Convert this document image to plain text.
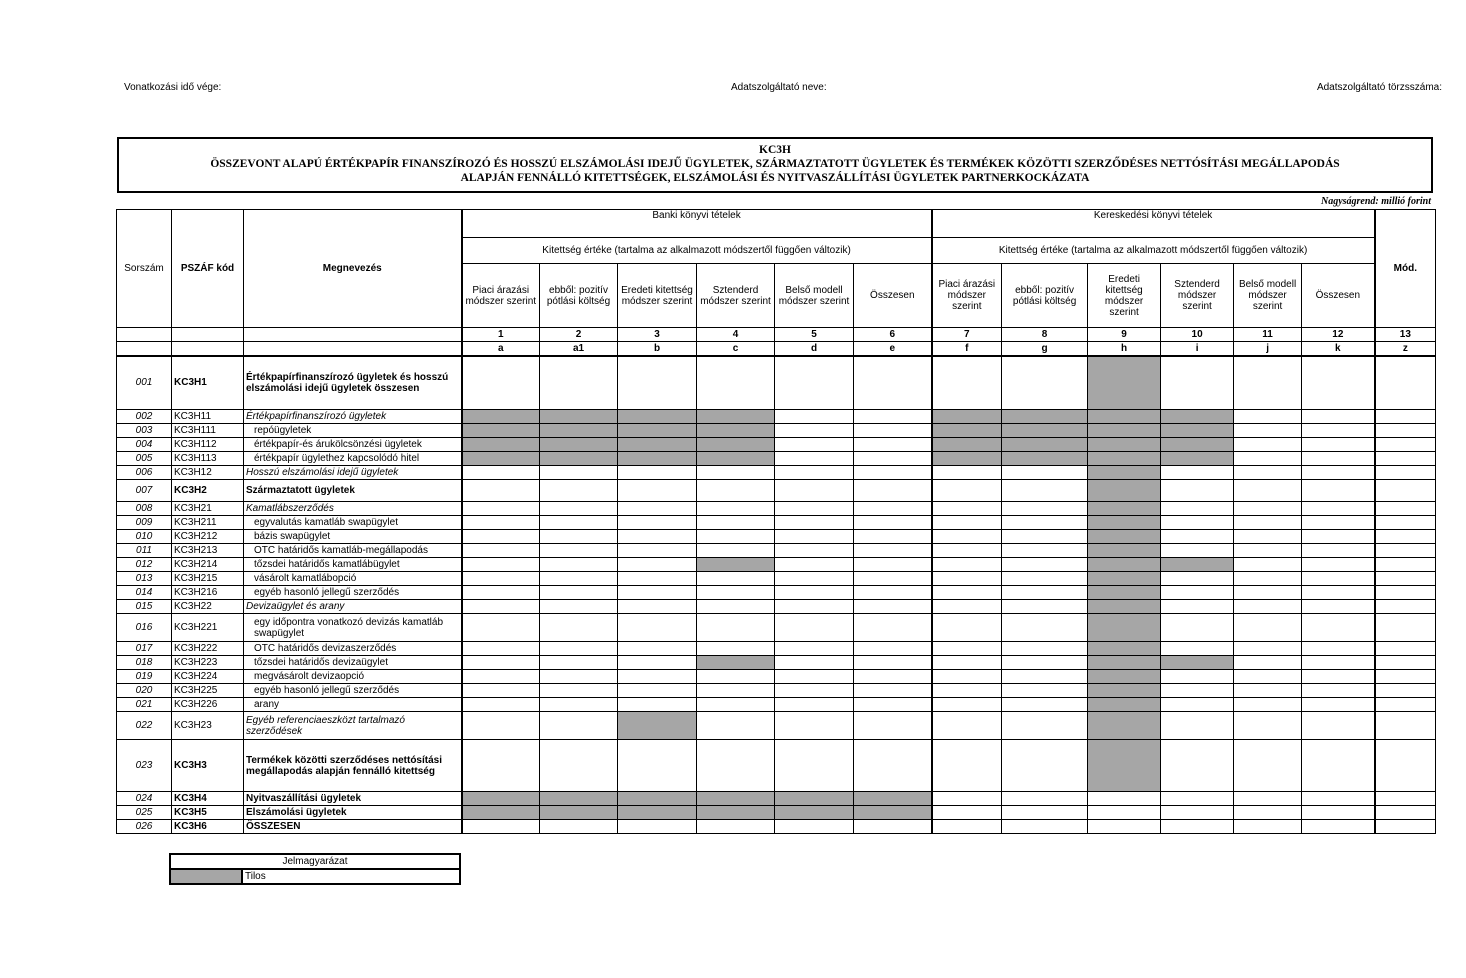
Vonatkozási idő vége:	Adatszolgáltató neve:	Adatszolgáltató törzsszáma:
KC3H
ÖSSZEVONT ALAPÚ ÉRTÉKPAPÍR FINANSZÍROZÓ ÉS HOSSZÚ ELSZÁMOLÁSI IDEJŰ ÜGYLETEK, SZÁRMAZTATOTT ÜGYLETEK ÉS TERMÉKEK KÖZÖTTI SZERZŐDÉSES NETTÓSÍTÁSI MEGÁLLAPODÁS
ALAPJÁN FENNÁLLÓ KITETTSÉGEK, ELSZÁMOLÁSI ÉS NYITVASZÁLLÍTÁSI ÜGYLETEK PARTNERKOCKÁZATA
Nagyságrend: millió forint
Sorszám	PSZÁF kód	Megnevezés	Banki könyvi tételek						Kereskedési könyvi tételek						Mód.
			Kitettség értéke (tartalma az alkalmazott módszertől függően változik)						Kitettség értéke (tartalma az alkalmazott módszertől függően változik)						
			Piaci árazási módszer szerint	ebből: pozitív pótlási költség	Eredeti kitettség módszer szerint	Sztenderd módszer szerint	Belső modell módszer szerint	Összesen	Piaci árazási módszer szerint	ebből: pozitív pótlási költség	Eredeti kitettség módszer szerint	Sztenderd módszer szerint	Belső modell módszer szerint	Összesen	
			1	2	3	4	5	6	7	8	9	10	11	12	13
			a	a1	b	c	d	e	f	g	h	i	j	k	z
001	KC3H1	Értékpapírfinanszírozó ügyletek és hosszú elszámolási idejű ügyletek összesen													
002	KC3H11	Értékpapírfinanszírozó ügyletek													
003	KC3H111	repóügyletek													
004	KC3H112	értékpapír-és árukölcsönzési ügyletek													
005	KC3H113	értékpapír ügylethez kapcsolódó hitel													
006	KC3H12	Hosszú elszámolási idejű ügyletek													
007	KC3H2	Származtatott ügyletek													
008	KC3H21	Kamatlábszerződés													
009	KC3H211	egyvalutás kamatláb swapügylet													
010	KC3H212	bázis swapügylet													
011	KC3H213	OTC határidős kamatláb-megállapodás													
012	KC3H214	tőzsdei határidős kamatlábügylet													
013	KC3H215	vásárolt kamatlábopció													
014	KC3H216	egyéb hasonló jellegű szerződés													
015	KC3H22	Devizaügylet és arany													
016	KC3H221	egy időpontra vonatkozó devizás kamatláb swapügylet													
017	KC3H222	OTC határidős devizaszerződés													
018	KC3H223	tőzsdei határidős devizaügylet													
019	KC3H224	megvásárolt devizaopció													
020	KC3H225	egyéb hasonló jellegű szerződés													
021	KC3H226	arany													
022	KC3H23	Egyéb referenciaeszközt tartalmazó szerződések													
023	KC3H3	Termékek közötti szerződéses nettósítási megállapodás alapján fennálló kitettség													
024	KC3H4	Nyitvaszállítási ügyletek													
025	KC3H5	Elszámolási ügyletek													
026	KC3H6	ÖSSZESEN													
Jelmagyarázat
	Tilos
